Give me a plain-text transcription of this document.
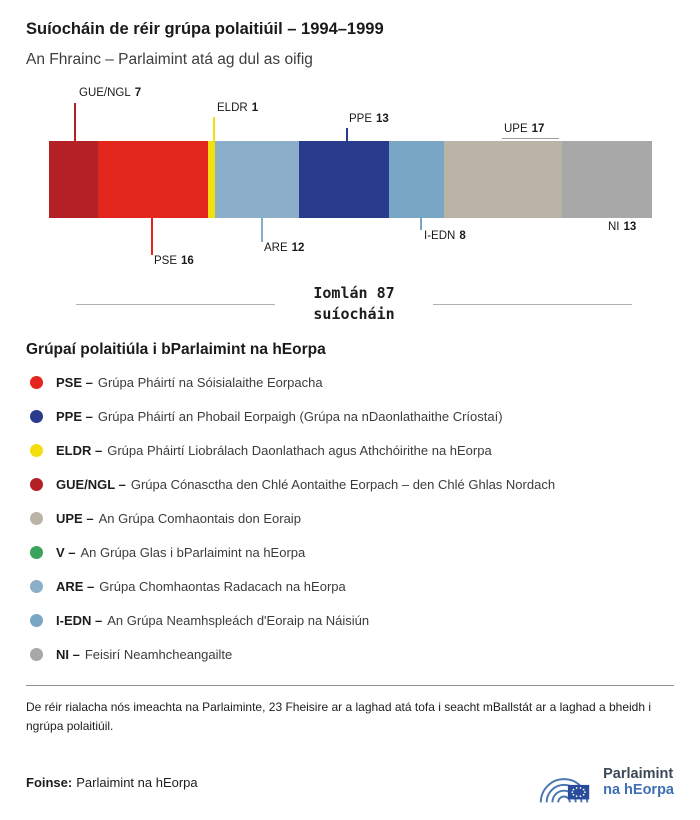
Suíocháin de réir grúpa polaitiúil – 1994–1999
An Fhrainc – Parlaimint atá ag dul as oifig
GUE/NGL 7
PSE 16
ELDR 1
ARE 12
PPE 13
I-EDN 8
UPE 17
NI 13
Iomlán 87
suíocháin
Grúpaí polaitiúla i bParlaimint na hEorpa
PSE – Grúpa Pháirtí na Sóisialaithe Eorpacha
PPE – Grúpa Pháirtí an Phobail Eorpaigh (Grúpa na nDaonlathaithe Críostaí)
ELDR – Grúpa Pháirtí Liobrálach Daonlathach agus Athchóirithe na hEorpa
GUE/NGL – Grúpa Cónasctha den Chlé Aontaithe Eorpach – den Chlé Ghlas Nordach
UPE – An Grúpa Comhaontais don Eoraip
V – An Grúpa Glas i bParlaimint na hEorpa
ARE – Grúpa Chomhaontas Radacach na hEorpa
I-EDN – An Grúpa Neamhspleách d'Eoraip na Náisiún
NI – Feisirí Neamhcheangailte

De réir rialacha nós imeachta na Parlaiminte, 23 Fheisire ar a laghad atá tofa i seacht mBallstát ar a laghad a bheidh i ngrúpa polaitiúil.

Foinse: Parlaimint na hEorpa
Parlaimint
na hEorpa
